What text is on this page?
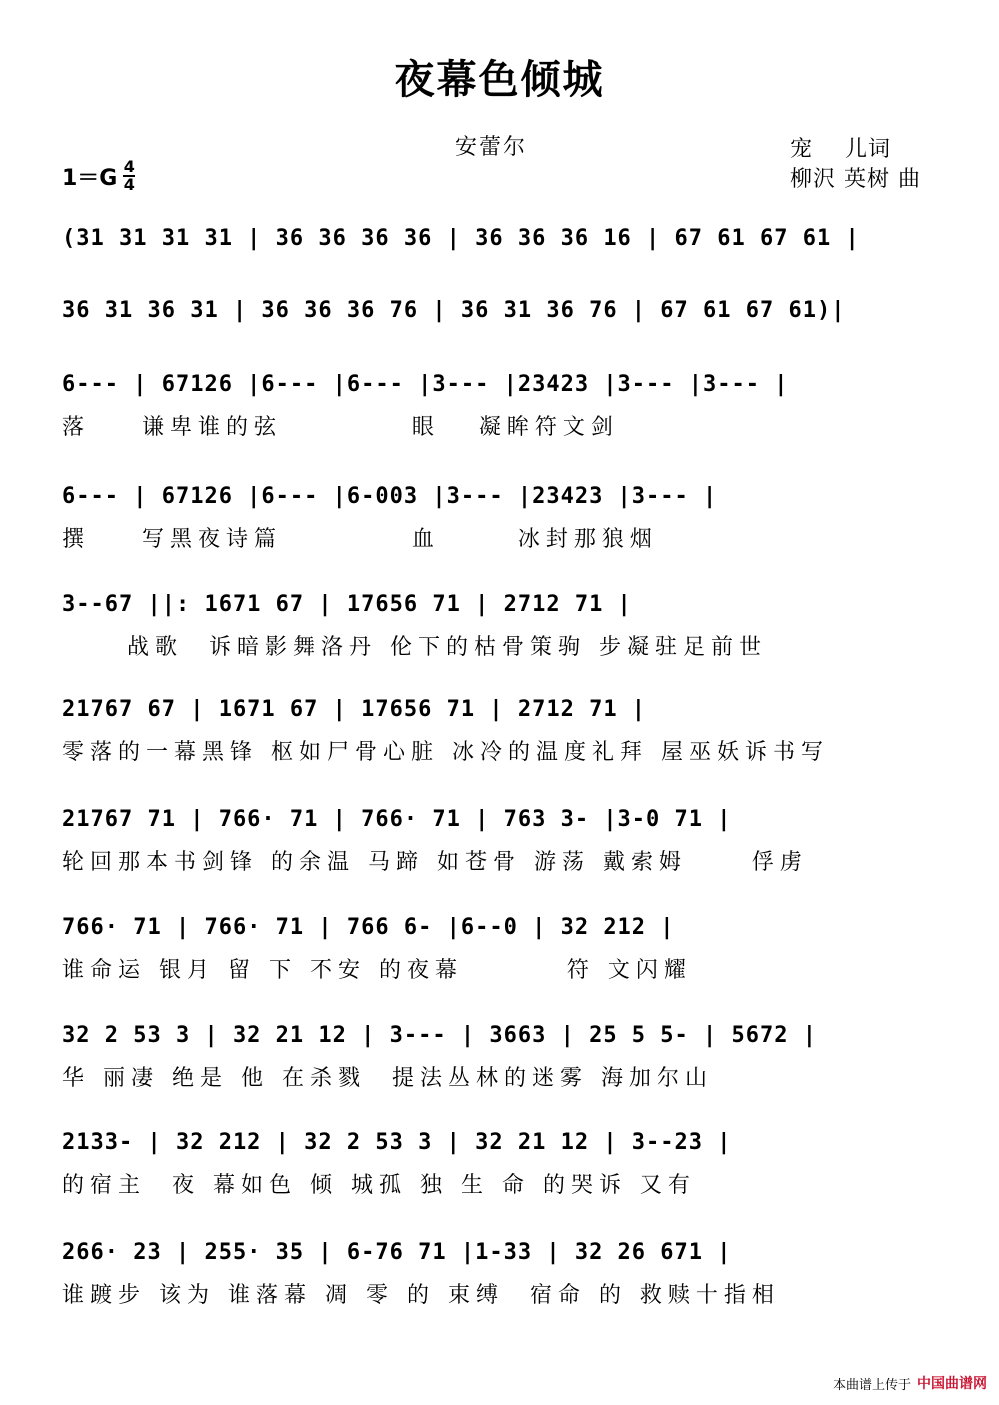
夜幕色倾城
安蕾尔	宠    儿词
柳沢 英树 曲
1＝G 4
4
(31 31 31 31 | 36 36 36 36 | 36 36 36 16 | 67 61 67 61 |
36 31 36 31 | 36 36 36 76 | 36 31 36 76 | 67 61 67 61)|
6--- | 67126 |6--- |6--- |3--- |23423 |3--- |3--- |
落    谦卑谁的弦          眼   凝眸符文剑
6--- | 67126 |6--- |6-003 |3--- |23423 |3--- |
撰    写黑夜诗篇          血      冰封那狼烟
3--67 ||: 1671 67 | 17656 71 | 2712 71 |
战歌  诉暗影舞洛丹 伦下的枯骨策驹 步凝驻足前世
21767 67 | 1671 67 | 17656 71 | 2712 71 |
零落的一幕黑锋 枢如尸骨心脏 冰冷的温度礼拜 屋巫妖诉书写
21767 71 | 766· 71 | 766· 71 | 763 3- |3-0 71 |
轮回那本书剑锋 的余温 马蹄 如苍骨 游荡 戴索姆     俘虏
766· 71 | 766· 71 | 766 6- |6--0 | 32 212 |
谁命运 银月 留 下 不安 的夜幕        符 文闪耀
32 2 53 3 | 32 21 12 | 3--- | 3663 | 25 5 5- | 5672 |
华 丽凄 绝是 他 在杀戮  提法丛林的迷雾 海加尔山
2133- | 32 212 | 32 2 53 3 | 32 21 12 | 3--23 |
的宿主  夜 幕如色 倾 城孤 独 生 命 的哭诉 又有
266· 23 | 255· 35 | 6-76 71 |1-33 | 32 26 671 |
谁踱步 该为 谁落幕 凋 零 的 束缚  宿命 的 救赎十指相
本曲谱上传于 中国曲谱网
